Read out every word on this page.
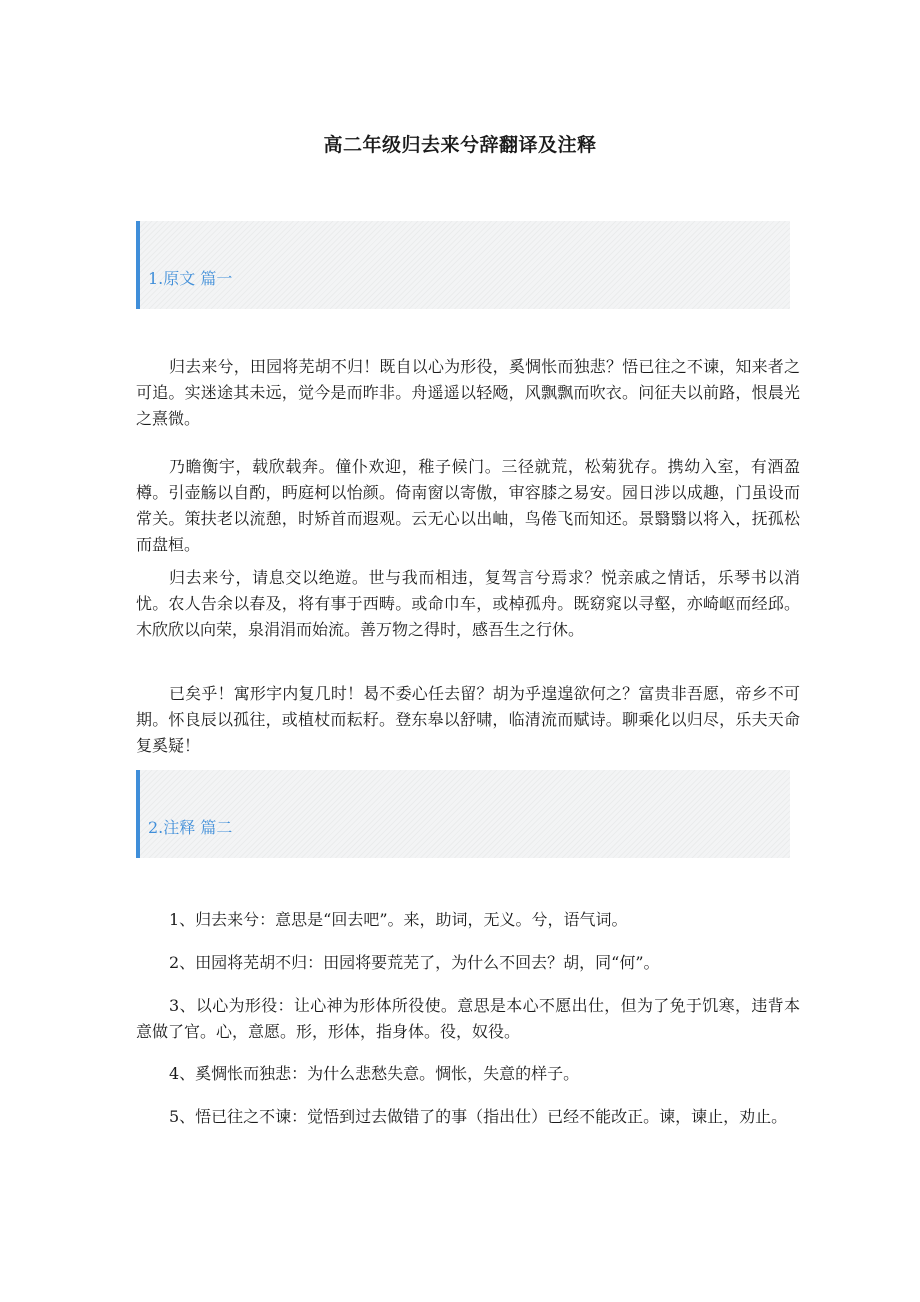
高二年级归去来兮辞翻译及注释
1.原文 篇一

归去来兮，田园将芜胡不归！既自以心为形役，奚惆怅而独悲？悟已往之不谏，知来者之可追。实迷途其未远，觉今是而昨非。舟遥遥以轻飏，风飘飘而吹衣。问征夫以前路，恨晨光之熹微。

乃瞻衡宇，载欣载奔。僮仆欢迎，稚子候门。三径就荒，松菊犹存。携幼入室，有酒盈樽。引壶觞以自酌，眄庭柯以怡颜。倚南窗以寄傲，审容膝之易安。园日涉以成趣，门虽设而常关。策扶老以流憩，时矫首而遐观。云无心以出岫，鸟倦飞而知还。景翳翳以将入，抚孤松而盘桓。

归去来兮，请息交以绝遊。世与我而相违，复驾言兮焉求？悦亲戚之情话，乐琴书以消忧。农人告余以春及，将有事于西畴。或命巾车，或棹孤舟。既窈窕以寻壑，亦崎岖而经邱。木欣欣以向荣，泉涓涓而始流。善万物之得时，感吾生之行休。

已矣乎！寓形宇内复几时！曷不委心任去留？胡为乎遑遑欲何之？富贵非吾愿，帝乡不可期。怀良辰以孤往，或植杖而耘耔。登东皋以舒啸，临清流而赋诗。聊乘化以归尽，乐夫天命复奚疑！

2.注释 篇二

1、归去来兮：意思是“回去吧”。来，助词，无义。兮，语气词。

2、田园将芜胡不归：田园将要荒芜了，为什么不回去？胡，同“何”。

3、以心为形役：让心神为形体所役使。意思是本心不愿出仕，但为了免于饥寒，违背本意做了官。心，意愿。形，形体，指身体。役，奴役。

4、奚惆怅而独悲：为什么悲愁失意。惆怅，失意的样子。

5、悟已往之不谏：觉悟到过去做错了的事（指出仕）已经不能改正。谏，谏止，劝止。
